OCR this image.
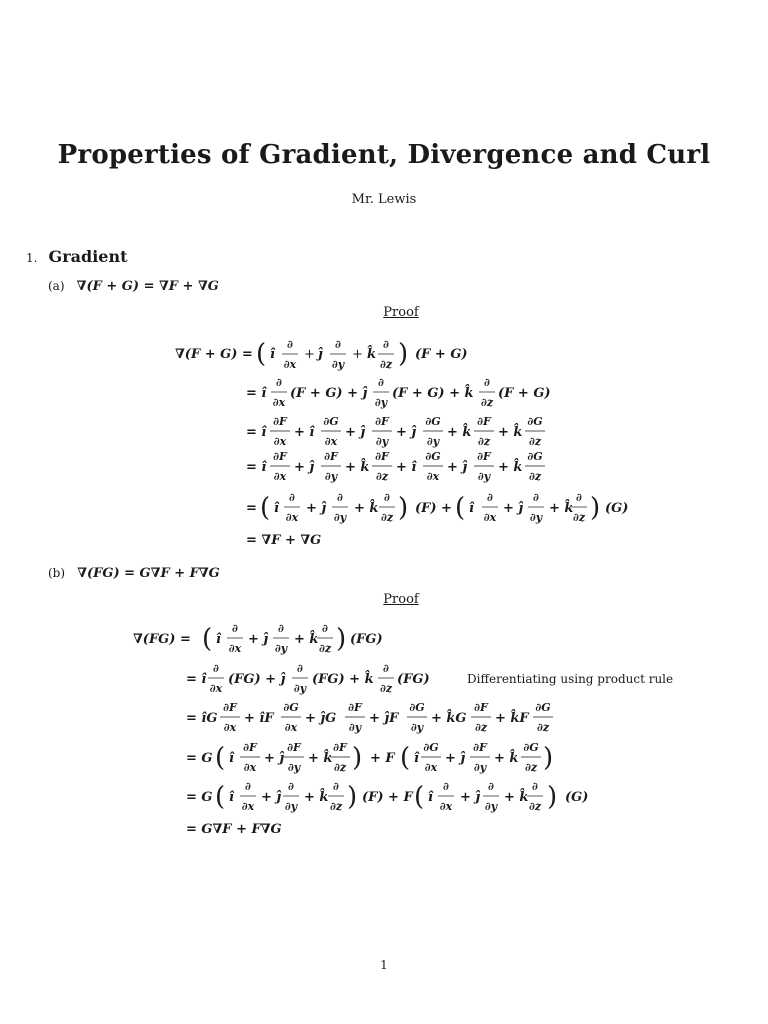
Properties of Gradient, Divergence and Curl
Mr. Lewis
1. Gradient
(a) ∇(F + G) = ∇F + ∇G
Proof
(b) ∇(FG) = G∇F + F∇G
Proof
∇(F + G) = ( î
∂
∂x
+ ĵ
∂
∂y
+ k̂
∂
∂z ) (F + G)
= î
∂
∂x
(F + G) + ĵ
∂
∂y
(F + G) + k̂
∂
∂z
(F + G)
= î
∂F
∂x
∂G
∂x
∂F
∂y
∂G
∂y
∂F
∂z
∂G
∂z
+ î + ĵ + ĵ + k̂ + k̂
= î
∂F
∂x
∂F
∂y
∂F
∂z
∂G
∂x
∂F
∂y
∂G
∂z
+ ĵ + k̂ + î + ĵ + k̂
= ( î
∂
∂x
+ ĵ
∂
∂y
+ k̂
∂
∂z ) (F) + ( î
∂
∂x
+ ĵ
∂
∂y
+ k̂
∂
∂z ) (G)
= ∇F + ∇G
∇(FG) = ( î
∂
∂x
+ ĵ
∂
∂y
+ k̂
∂
∂z ) (FG)
= î
∂
∂x
(FG) + ĵ
∂
∂y
(FG) + k̂
∂
∂z
(FG)	Differentiating using product rule
= îG
∂F
∂x
∂G
∂x
∂F
∂y
∂G
∂y
∂F
∂z
∂G
∂z
+ îF + ĵG	+ ĵF	+ k̂G + k̂F
= G ( î
∂F
∂x
+ ĵ
∂F
∂y
+ k̂
∂F
∂z ) + F ( î
∂G
∂x
+ ĵ
∂F
∂y
+ k̂
∂G
∂z )
= G ( î
∂
∂x
+ ĵ
∂
∂y
+ k̂
∂
∂z ) (F) + F ( î
∂
∂x
+ ĵ
∂
∂y
+ k̂
∂
∂z ) (G)
= G∇F + F∇G
1
